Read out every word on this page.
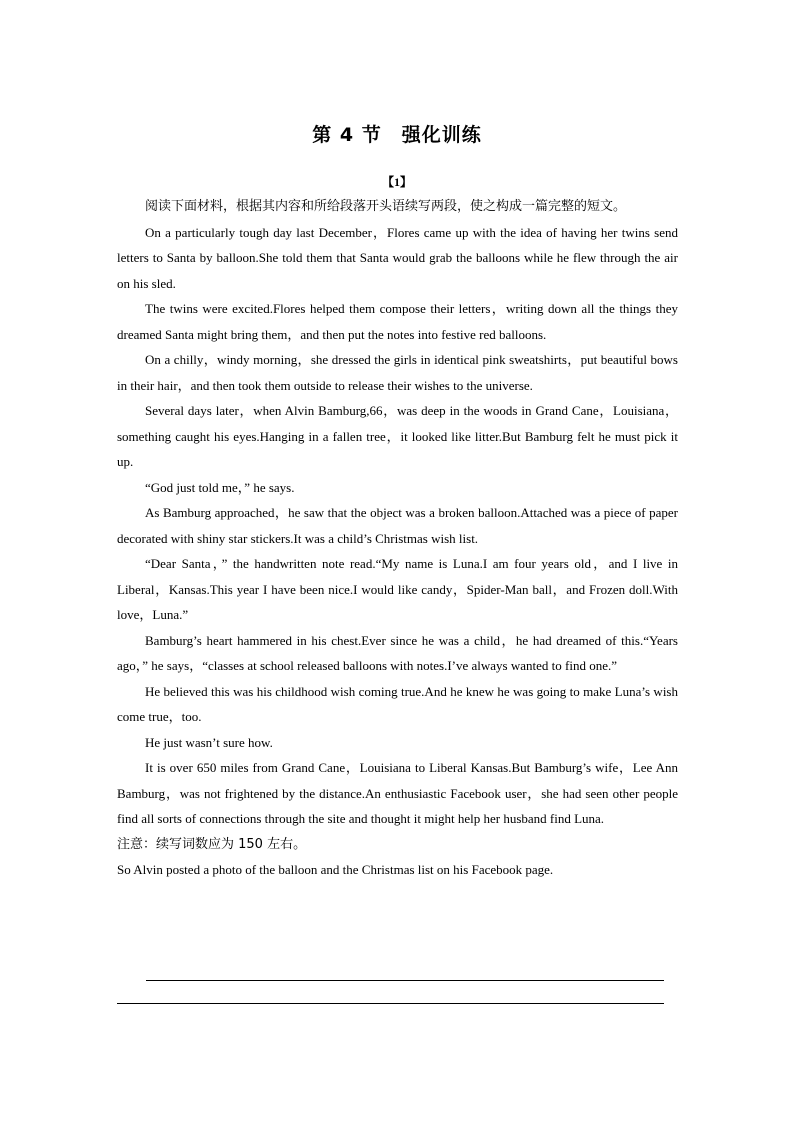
第 4 节　强化训练
【1】

阅读下面材料，根据其内容和所给段落开头语续写两段，使之构成一篇完整的短文。

On a particularly tough day last December，Flores came up with the idea of having her twins send letters to Santa by balloon.She told them that Santa would grab the balloons while he flew through the air on his sled.

The twins were excited.Flores helped them compose their letters，writing down all the things they dreamed Santa might bring them，and then put the notes into festive red balloons.

On a chilly，windy morning，she dressed the girls in identical pink sweatshirts，put beautiful bows in their hair，and then took them outside to release their wishes to the universe.

Several days later，when Alvin Bamburg,66，was deep in the woods in Grand Cane，Louisiana，something caught his eyes.Hanging in a fallen tree，it looked like litter.But Bamburg felt he must pick it up.

“God just told me，” he says.

As Bamburg approached，he saw that the object was a broken balloon.Attached was a piece of paper decorated with shiny star stickers.It was a child’s Christmas wish list.

“Dear Santa，” the handwritten note read.“My name is Luna.I am four years old，and I live in Liberal，Kansas.This year I have been nice.I would like candy，Spider-Man ball，and Frozen doll.With love，Luna.”

Bamburg’s heart hammered in his chest.Ever since he was a child，he had dreamed of this.“Years ago，” he says，“classes at school released balloons with notes.I’ve always wanted to find one.”

He believed this was his childhood wish coming true.And he knew he was going to make Luna’s wish come true，too.

He just wasn’t sure how.

It is over 650 miles from Grand Cane，Louisiana to Liberal Kansas.But Bamburg’s wife，Lee Ann Bamburg，was not frightened by the distance.An enthusiastic Facebook user，she had seen other people find all sorts of connections through the site and thought it might help her husband find Luna.

注意：续写词数应为 150 左右。

So Alvin posted a photo of the balloon and the Christmas list on his Facebook page.
